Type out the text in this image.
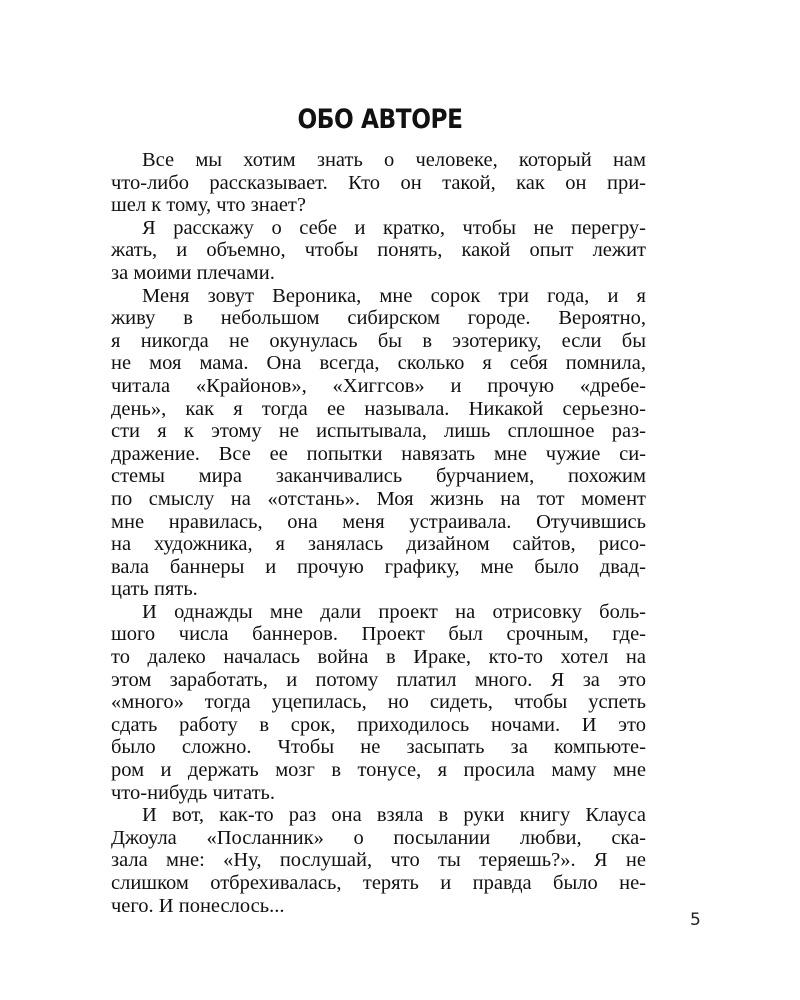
ОБО АВТОРЕ
Все мы хотим знать о человеке, который нам
что-либо рассказывает. Кто он такой, как он при-
шел к тому, что знает?
Я расскажу о себе и кратко, чтобы не перегру-
жать, и объемно, чтобы понять, какой опыт лежит
за моими плечами.
Меня зовут Вероника, мне сорок три года, и я
живу в небольшом сибирском городе. Вероятно,
я никогда не окунулась бы в эзотерику, если бы
не моя мама. Она всегда, сколько я себя помнила,
читала «Крайонов», «Хиггсов» и прочую «дребе-
день», как я тогда ее называла. Никакой серьезно-
сти я к этому не испытывала, лишь сплошное раз-
дражение. Все ее попытки навязать мне чужие си-
стемы мира заканчивались бурчанием, похожим
по смыслу на «отстань». Моя жизнь на тот момент
мне нравилась, она меня устраивала. Отучившись
на художника, я занялась дизайном сайтов, рисо-
вала баннеры и прочую графику, мне было двад-
цать пять.
И однажды мне дали проект на отрисовку боль-
шого числа баннеров. Проект был срочным, где-
то далеко началась война в Ираке, кто-то хотел на
этом заработать, и потому платил много. Я за это
«много» тогда уцепилась, но сидеть, чтобы успеть
сдать работу в срок, приходилось ночами. И это
было сложно. Чтобы не засыпать за компьюте-
ром и держать мозг в тонусе, я просила маму мне
что-нибудь читать.
И вот, как-то раз она взяла в руки книгу Клауса
Джоула «Посланник» о посылании любви, ска-
зала мне: «Ну, послушай, что ты теряешь?». Я не
слишком отбрехивалась, терять и правда было не-
чего. И понеслось...
5
